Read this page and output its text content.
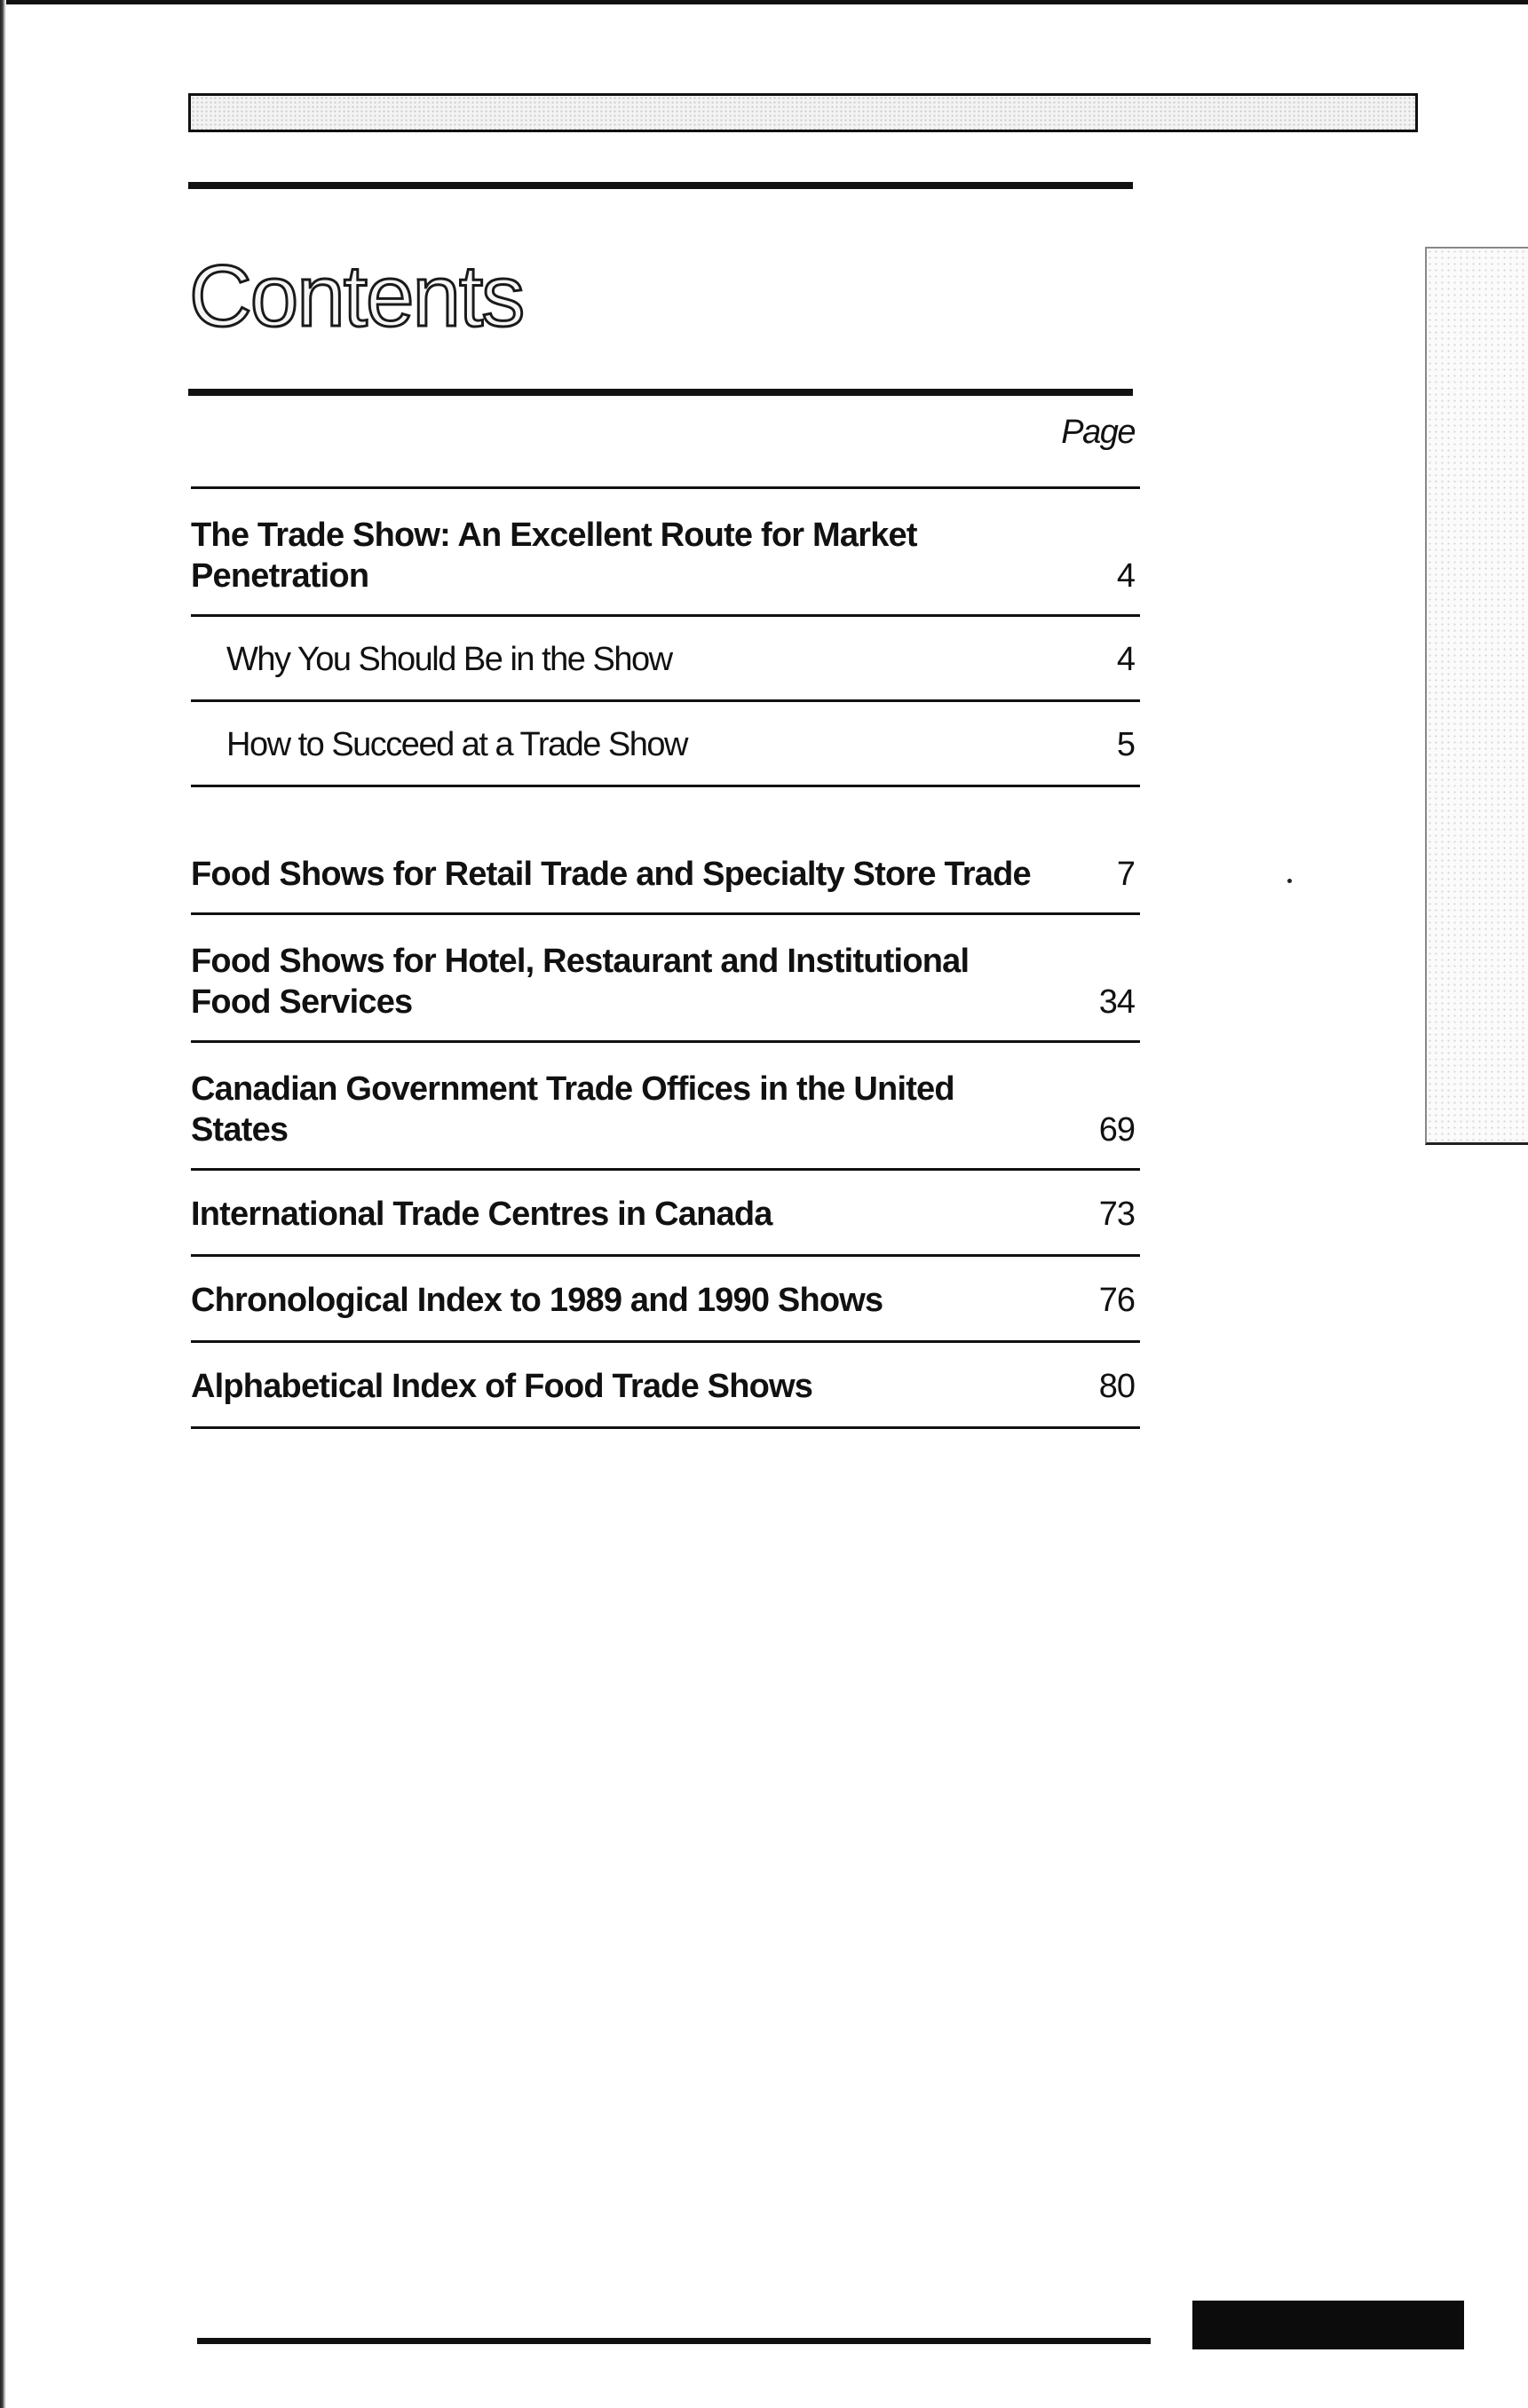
Contents
Page
The Trade Show: An Excellent Route for Market Penetration	4
Why You Should Be in the Show	4
How to Succeed at a Trade Show	5
Food Shows for Retail Trade and Specialty Store Trade	7
Food Shows for Hotel, Restaurant and Institutional Food Services	34
Canadian Government Trade Offices in the United States	69
International Trade Centres in Canada	73
Chronological Index to 1989 and 1990 Shows	76
Alphabetical Index of Food Trade Shows	80
